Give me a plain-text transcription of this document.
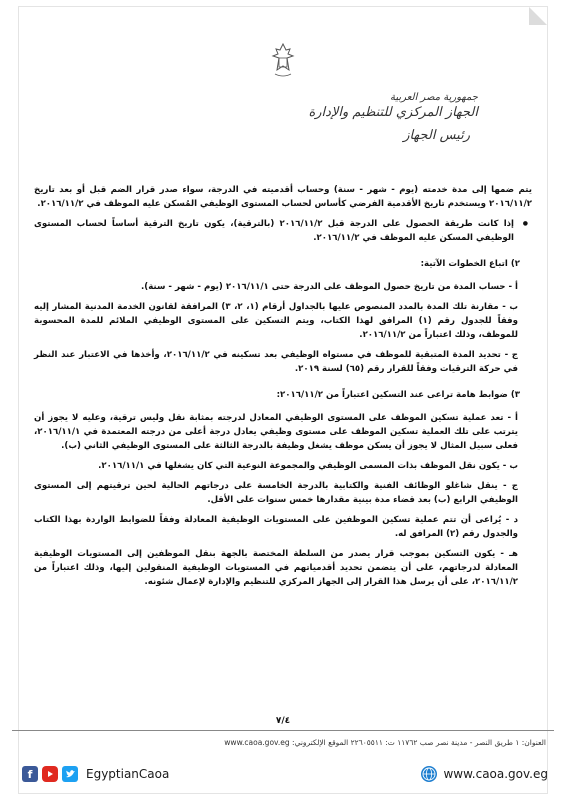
جمهورية مصر العربية
الجهاز المركزي للتنظيم والإدارة
رئيس الجهاز

يتم ضمها إلى مدة خدمته (يوم - شهر - سنة) وحساب أقدميته في الدرجة، سواء صدر قرار الضم قبل أو بعد تاريخ ٢٠١٦/١١/٢ ويستخدم تاريخ الأقدمية الفرضي كأساس لحساب المستوى الوظيفي المُسكن عليه الموظف في ٢٠١٦/١١/٢.

● إذا كانت طريقة الحصول على الدرجة قبل ٢٠١٦/١١/٢ (بالترقية)، يكون تاريخ الترقية أساساً لحساب المستوى الوظيفي المسكن عليه الموظف في ٢٠١٦/١١/٢.

٢) اتباع الخطوات الآتية:

أ - حساب المدة من تاريخ حصول الموظف على الدرجة حتى ٢٠١٦/١١/١ (يوم - شهر - سنة).

ب - مقارنة تلك المدة بالمدد المنصوص عليها بالجداول أرقام (١، ٢، ٣) المرافقة لقانون الخدمة المدنية المشار إليه وفقاً للجدول رقم (١) المرافق لهذا الكتاب، ويتم التسكين على المستوى الوظيفي الملائم للمدة المحسوبة للموظف، وذلك اعتباراً من ٢٠١٦/١١/٢.

ج - تحديد المدة المتبقية للموظف في مستواه الوظيفي بعد تسكينه في ٢٠١٦/١١/٢، وأخذها في الاعتبار عند النظر في حركة الترقيات وفقاً للقرار رقم (٦٥) لسنة ٢٠١٩.

٣) ضوابط هامة تراعى عند التسكين اعتباراً من ٢٠١٦/١١/٢:

أ - تعد عملية تسكين الموظف على المستوى الوظيفي المعادل لدرجته بمثابة نقل وليس ترقية، وعليه لا يجوز أن يترتب على تلك العملية تسكين الموظف على مستوى وظيفي يعادل درجة أعلى من درجته المعتمدة في ٢٠١٦/١١/١، فعلى سبيل المثال لا يجوز أن يسكن موظف يشغل وظيفة بالدرجة الثالثة على المستوى الوظيفي الثاني (ب).

ب - يكون نقل الموظف بذات المسمى الوظيفي والمجموعة النوعية التي كان يشغلها في ٢٠١٦/١١/١.

ج - ينقل شاغلو الوظائف الفنية والكتابية بالدرجة الخامسة على درجاتهم الحالية لحين ترقيتهم إلى المستوى الوظيفي الرابع (ب) بعد قضاء مدة بينية مقدارها خمس سنوات على الأقل.

د - يُراعى أن تتم عملية تسكين الموظفين على المستويات الوظيفية المعادلة وفقاً للضوابط الواردة بهذا الكتاب والجدول رقم (٢) المرافق له.

هـ - يكون التسكين بموجب قرار يصدر من السلطة المختصة بالجهة بنقل الموظفين إلى المستويات الوظيفية المعادلة لدرجاتهم، على أن يتضمن تحديد أقدمياتهم في المستويات الوظيفية المنقولين إليها، وذلك اعتباراً من ٢٠١٦/١١/٢، على أن يرسل هذا القرار إلى الجهاز المركزي للتنظيم والإدارة لإعمال شئونه.

٧/٤
العنوان: ١ طريق النصر - مدينة نصر صب ١١٧٦٢ ت: ٢٢٦٠٥٥١١ الموقع الإلكتروني: www.caoa.gov.eg
f	EgyptianCaoa	www.caoa.gov.eg
